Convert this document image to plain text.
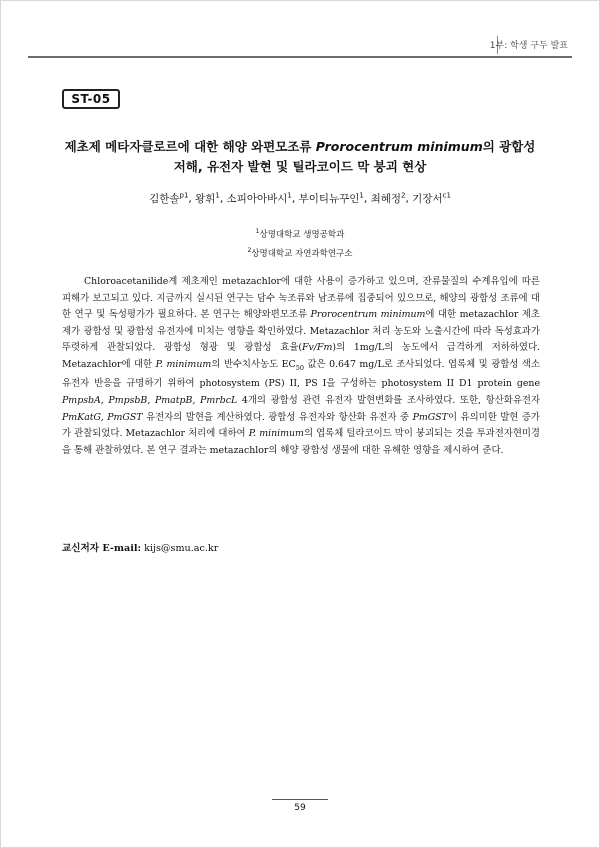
1부: 학생 구두 발표
ST-05
제초제 메타자클로르에 대한 해양 와편모조류 Prorocentrum minimum의 광합성
저해, 유전자 발현 및 틸라코이드 막 붕괴 현상
김한솔$^{p1}$, 왕휘$^1$, 소피아아바시$^1$, 부이티뉴꾸인$^1$, 최혜정$^2$, 기장서$^{c1}$
$^1$상명대학교 생명공학과
$^2$상명대학교 자연과학연구소

Chloroacetanilide계 제초제인 metazachlor에 대한 사용이 증가하고 있으며, 잔류물질의 수계유입에 따른 피해가 보고되고 있다. 지금까지 실시된 연구는 담수 녹조류와 남조류에 집중되어 있으므로, 해양의 광합성 조류에 대한 연구 및 독성평가가 필요하다. 본 연구는 해양와편모조류 Prorocentrum minimum에 대한 metazachlor 제초제가 광합성 및 광합성 유전자에 미치는 영향을 확인하였다. Metazachlor 처리 농도와 노출시간에 따라 독성효과가 뚜렷하게 관찰되었다. 광합성 형광 및 광합성 효율(Fv/Fm)의 1mg/L의 농도에서 급격하게 저하하였다. Metazachlor에 대한 P. minimum의 반수치사농도 $EC_{50}$ 값은 0.647 mg/L로 조사되었다. 엽록체 및 광합성 색소 유전자 반응을 규명하기 위하여 photosystem (PS) II, PS I을 구성하는 photosystem II D1 protein gene PmpsbA, PmpsbB, PmatpB, PmrbcL 4개의 광합성 관련 유전자 발현변화를 조사하였다. 또한, 항산화유전자 PmKatG, PmGST 유전자의 발현을 계산하였다. 광합성 유전자와 항산화 유전자 중 PmGST이 유의미한 발현 증가가 관찰되었다. Metazachlor 처리에 대하여 P. minimum의 엽록체 틸라코이드 막이 붕괴되는 것을 투과전자현미경을 통해 관찰하였다. 본 연구 결과는 metazachlor의 해양 광합성 생물에 대한 유해한 영향을 제시하여 준다.

교신저자 E-mail: kijs@smu.ac.kr
59
